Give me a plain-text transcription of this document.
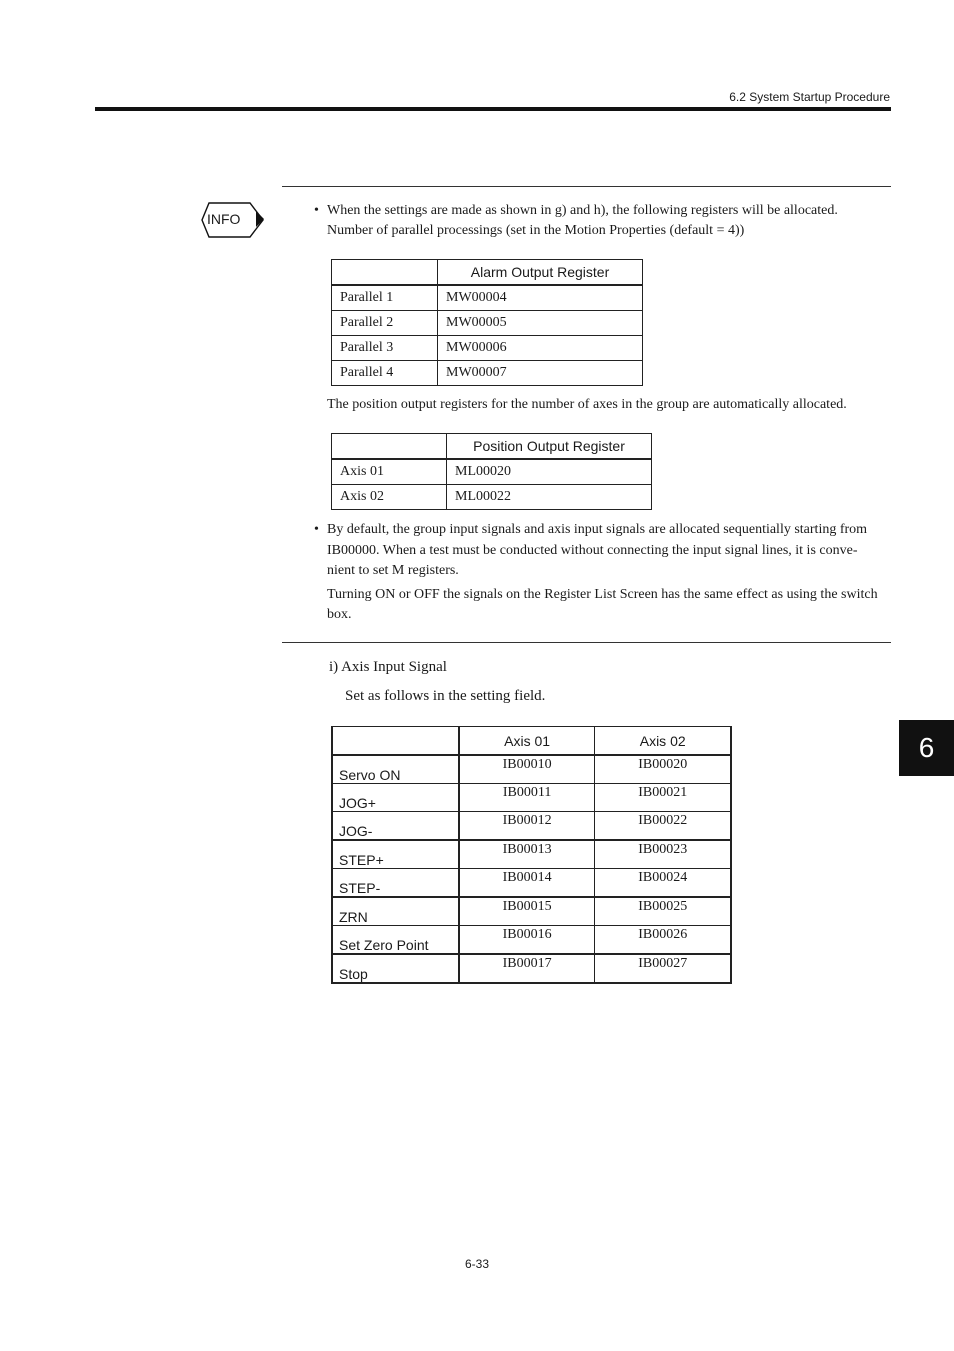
6.2 System Startup Procedure
INFO
• When the settings are made as shown in g) and h), the following registers will be allocated.
Number of parallel processings (set in the Motion Properties (default = 4))
	Alarm Output Register
Parallel 1	MW00004
Parallel 2	MW00005
Parallel 3	MW00006
Parallel 4	MW00007
The position output registers for the number of axes in the group are automatically allocated.
	Position Output Register
Axis 01	ML00020
Axis 02	ML00022
• By default, the group input signals and axis input signals are allocated sequentially starting from
IB00000. When a test must be conducted without connecting the input signal lines, it is conve-
nient to set M registers.
Turning ON or OFF the signals on the Register List Screen has the same effect as using the switch
box.
i) Axis Input Signal
Set as follows in the setting field.
	Axis 01	Axis 02
Servo ON	IB00010	IB00020
JOG+	IB00011	IB00021
JOG-	IB00012	IB00022
STEP+	IB00013	IB00023
STEP-	IB00014	IB00024
ZRN	IB00015	IB00025
Set Zero Point	IB00016	IB00026
Stop	IB00017	IB00027
6
6-33
